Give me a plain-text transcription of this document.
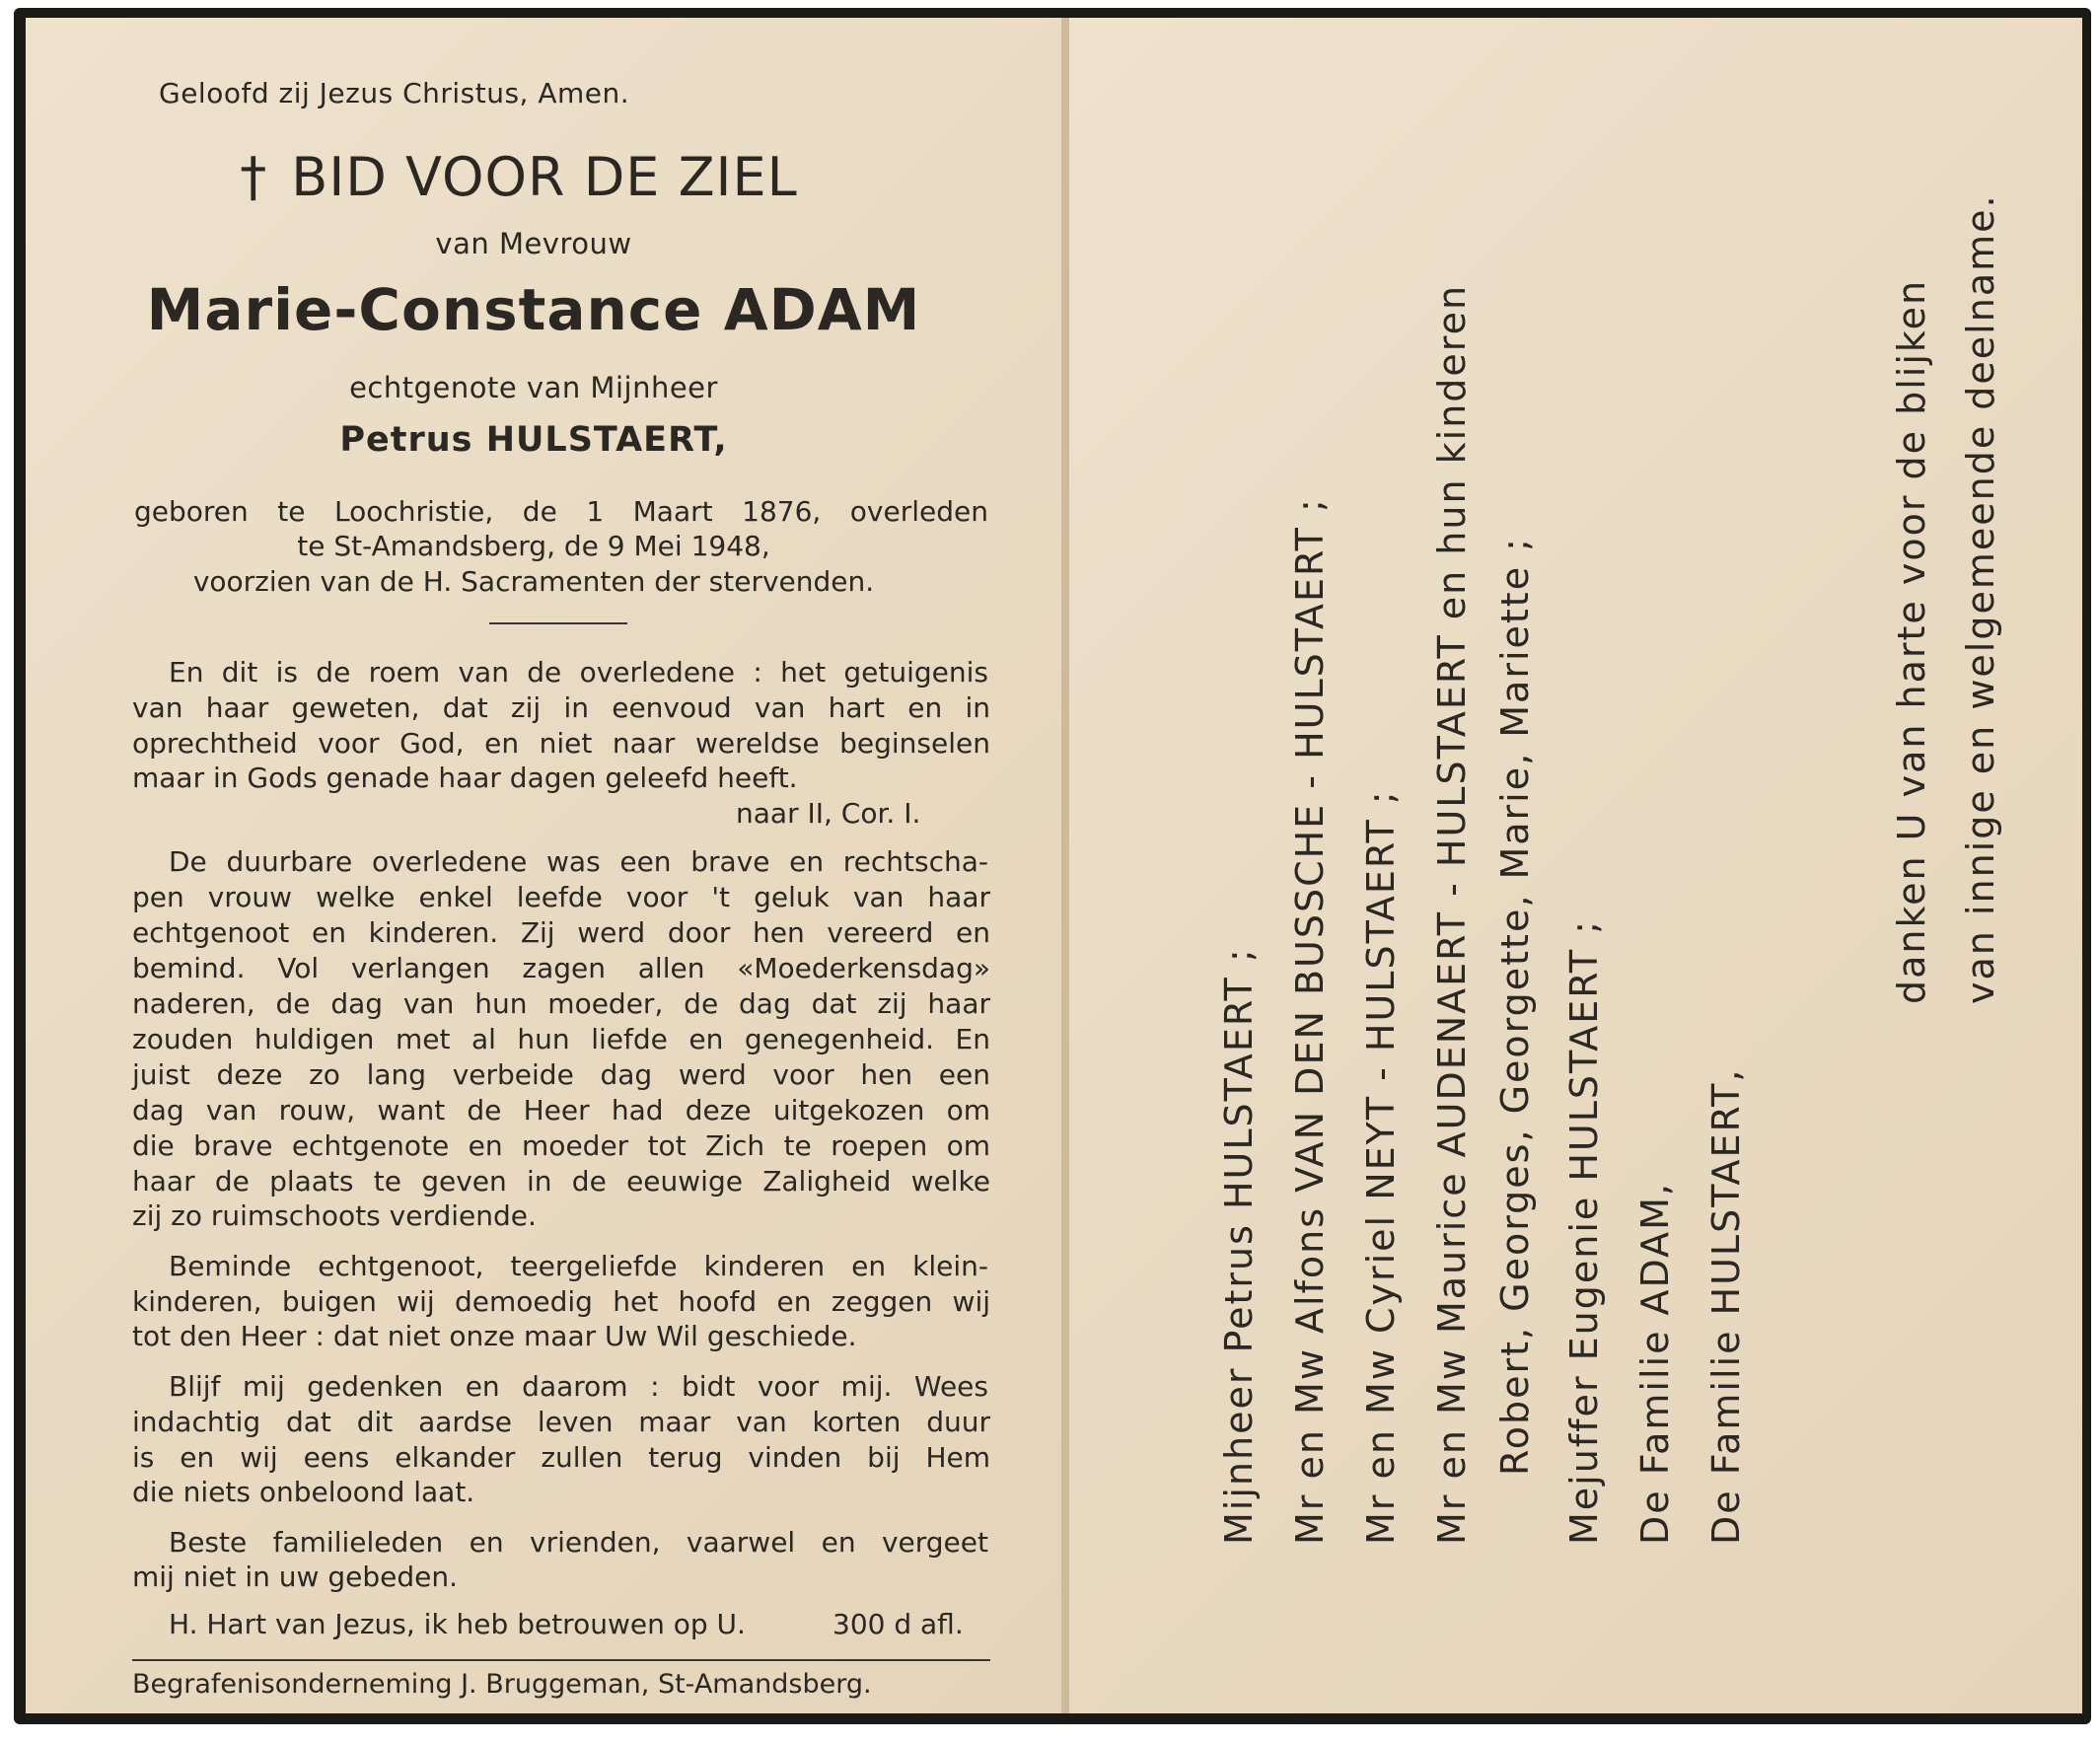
Geloofd zij Jezus Christus, Amen.

† BID VOOR DE ZIEL

van Mevrouw

Marie-Constance ADAM

echtgenote van Mijnheer

Petrus HULSTAERT,

geboren te Loochristie, de 1 Maart 1876, overleden

te St-Amandsberg, de 9 Mei 1948,

voorzien van de H. Sacramenten der stervenden.

En dit is de roem van de overledene : het getuigenis

van haar geweten, dat zij in eenvoud van hart en in

oprechtheid voor God, en niet naar wereldse beginselen

maar in Gods genade haar dagen geleefd heeft.

naar II, Cor. I.

De duurbare overledene was een brave en rechtscha-

pen vrouw welke enkel leefde voor 't geluk van haar

echtgenoot en kinderen. Zij werd door hen vereerd en

bemind. Vol verlangen zagen allen «Moederkensdag»

naderen, de dag van hun moeder, de dag dat zij haar

zouden huldigen met al hun liefde en genegenheid. En

juist deze zo lang verbeide dag werd voor hen een

dag van rouw, want de Heer had deze uitgekozen om

die brave echtgenote en moeder tot Zich te roepen om

haar de plaats te geven in de eeuwige Zaligheid welke

zij zo ruimschoots verdiende.

Beminde echtgenoot, teergeliefde kinderen en klein-

kinderen, buigen wij demoedig het hoofd en zeggen wij

tot den Heer : dat niet onze maar Uw Wil geschiede.

Blijf mij gedenken en daarom : bidt voor mij. Wees

indachtig dat dit aardse leven maar van korten duur

is en wij eens elkander zullen terug vinden bij Hem

die niets onbeloond laat.

Beste familieleden en vrienden, vaarwel en vergeet

mij niet in uw gebeden.

H. Hart van Jezus, ik heb betrouwen op U.	300 d afl.

Begrafenisonderneming J. Bruggeman, St-Amandsberg.

Mijnheer Petrus HULSTAERT ; Mr en Mw Alfons VAN DEN BUSSCHE - HULSTAERT ; Mr en Mw Cyriel NEYT - HULSTAERT ; Mr en Mw Maurice AUDENAERT - HULSTAERT en hun kinderen Robert, Georges, Georgette, Marie, Mariette ; Mejuffer Eugenie HULSTAERT ; De Familie ADAM, De Familie HULSTAERT,
danken U van harte voor de blijken van innige en welgemeende deelname.
